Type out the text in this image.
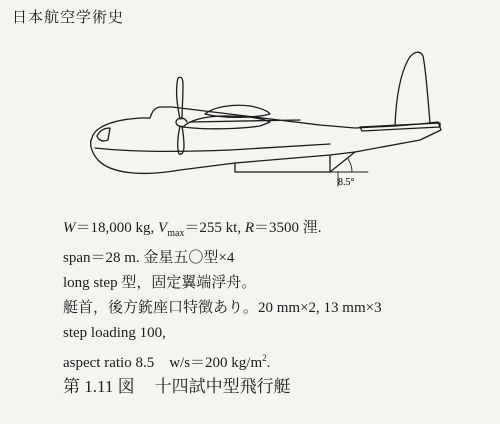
日本航空学術史
8.5°
W＝18,000 kg, $V_{max}=255$ kt, R＝3500 浬.
span＝28 m. 金星五〇型×4
long step 型，固定翼端浮舟。
艇首，後方銃座口特徴あり。20 mm×2, 13 mm×3
step loading 100,
aspect ratio 8.5　w/s＝200 $kg/m^2$.
第 1.11 図 十四試中型飛行艇
